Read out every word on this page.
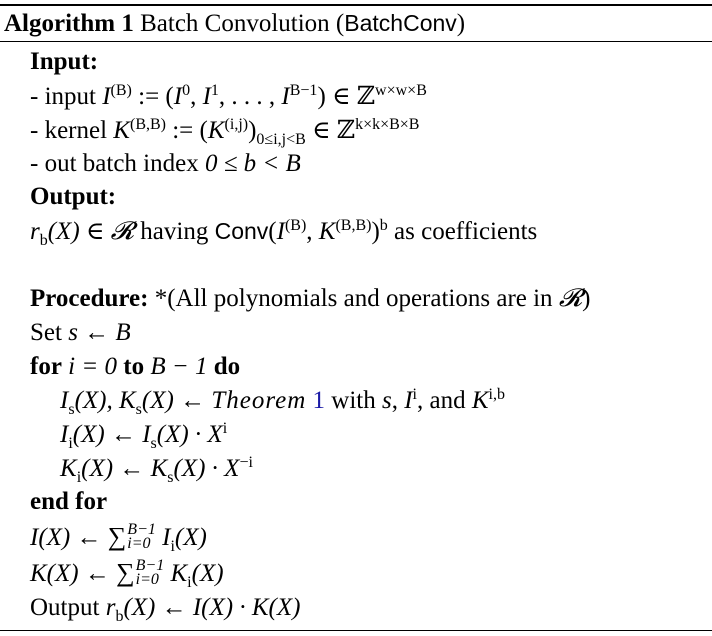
Algorithm 1 Batch Convolution (BatchConv)
Input:
- input $I^{(B)}$ := ($I^0$, $I^1$, . . . , $I^{B-1}$) ∈ ℤ$^{w\times w\times B}$
- kernel $K^{(B,B)}$ := $(K^{(i,j)})_{0\le i,j<B}$ ∈ ℤ$^{k\times k\times B\times B}$
- out batch index 0 ≤ b < B
Output:
$r_b(X)$ ∈ 𝓡 having $Conv(I^{(B)}$, $K^{(B,B)})^b$ as coefficients
Procedure: *(All polynomials and operations are in 𝓡)
Set s ← B
for i = 0 to B − 1 do
$I_s(X)$, $K_s(X)$ ← Theorem 1 with s, $I^i$, and K$^{i,b}$
$I_i(X)$ ← $I_s(X) \cdot X^i$
$K_i(X)$ ← $K_s(X) \cdot X^{-i}$
end for
I(X) ← ∑ B−1
i=0 $I_i(X)$
K(X) ← ∑ B−1
i=0 $K_i(X)$
Output $r_b(X)$ ← I(X) · K(X)
